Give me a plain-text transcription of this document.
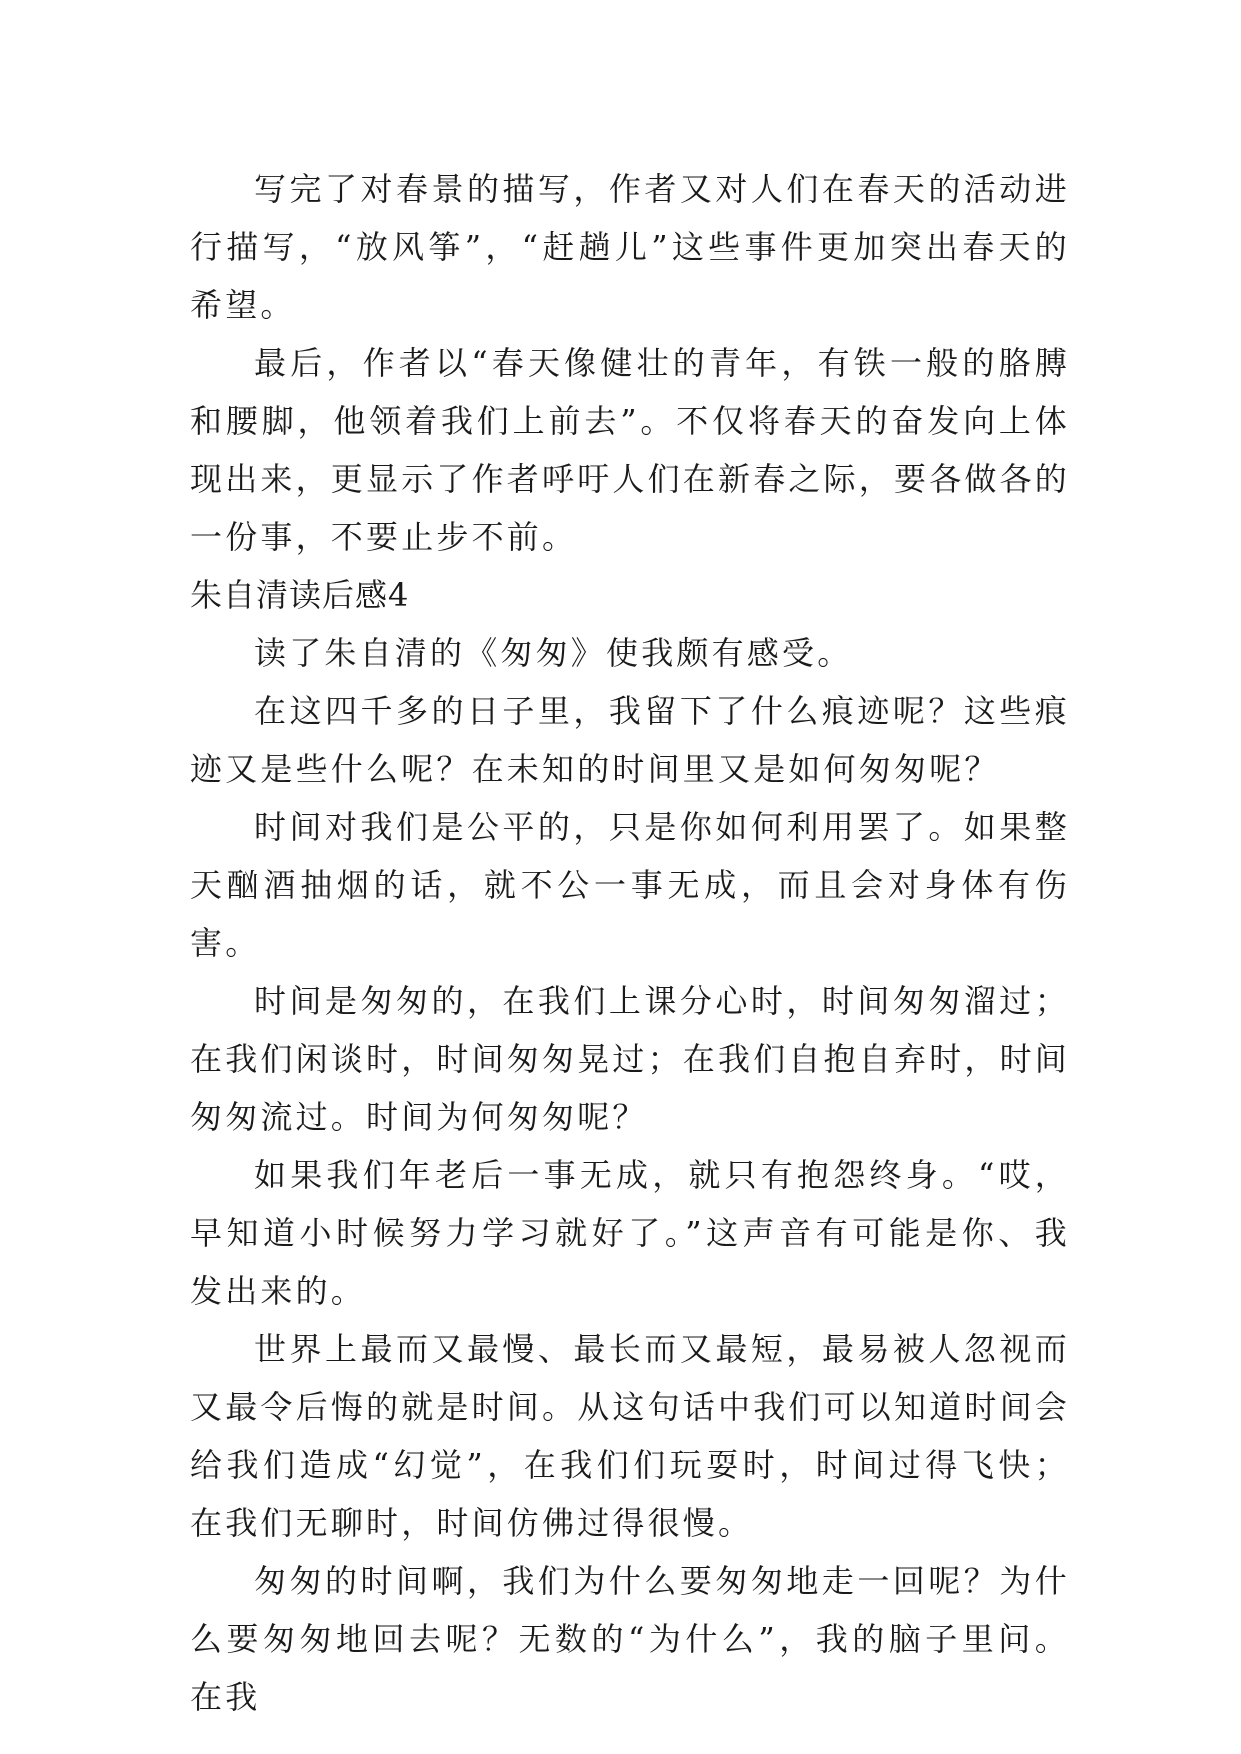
写完了对春景的描写，作者又对人们在春天的活动进行描写，“放风筝”，“赶趟儿”这些事件更加突出春天的希望。

最后，作者以“春天像健壮的青年，有铁一般的胳膊和腰脚，他领着我们上前去”。不仅将春天的奋发向上体现出来，更显示了作者呼吁人们在新春之际，要各做各的一份事，不要止步不前。

朱自清读后感4

读了朱自清的《匆匆》使我颇有感受。

在这四千多的日子里，我留下了什么痕迹呢？这些痕迹又是些什么呢？在未知的时间里又是如何匆匆呢？

时间对我们是公平的，只是你如何利用罢了。如果整天酗酒抽烟的话，就不公一事无成，而且会对身体有伤害。

时间是匆匆的，在我们上课分心时，时间匆匆溜过；在我们闲谈时，时间匆匆晃过；在我们自抱自弃时，时间匆匆流过。时间为何匆匆呢？

如果我们年老后一事无成，就只有抱怨终身。“哎，早知道小时候努力学习就好了。”这声音有可能是你、我发出来的。

世界上最而又最慢、最长而又最短，最易被人忽视而又最令后悔的就是时间。从这句话中我们可以知道时间会给我们造成“幻觉”，在我们们玩耍时，时间过得飞快；在我们无聊时，时间仿佛过得很慢。

匆匆的时间啊，我们为什么要匆匆地走一回呢？为什么要匆匆地回去呢？无数的“为什么”，我的脑子里问。在我
